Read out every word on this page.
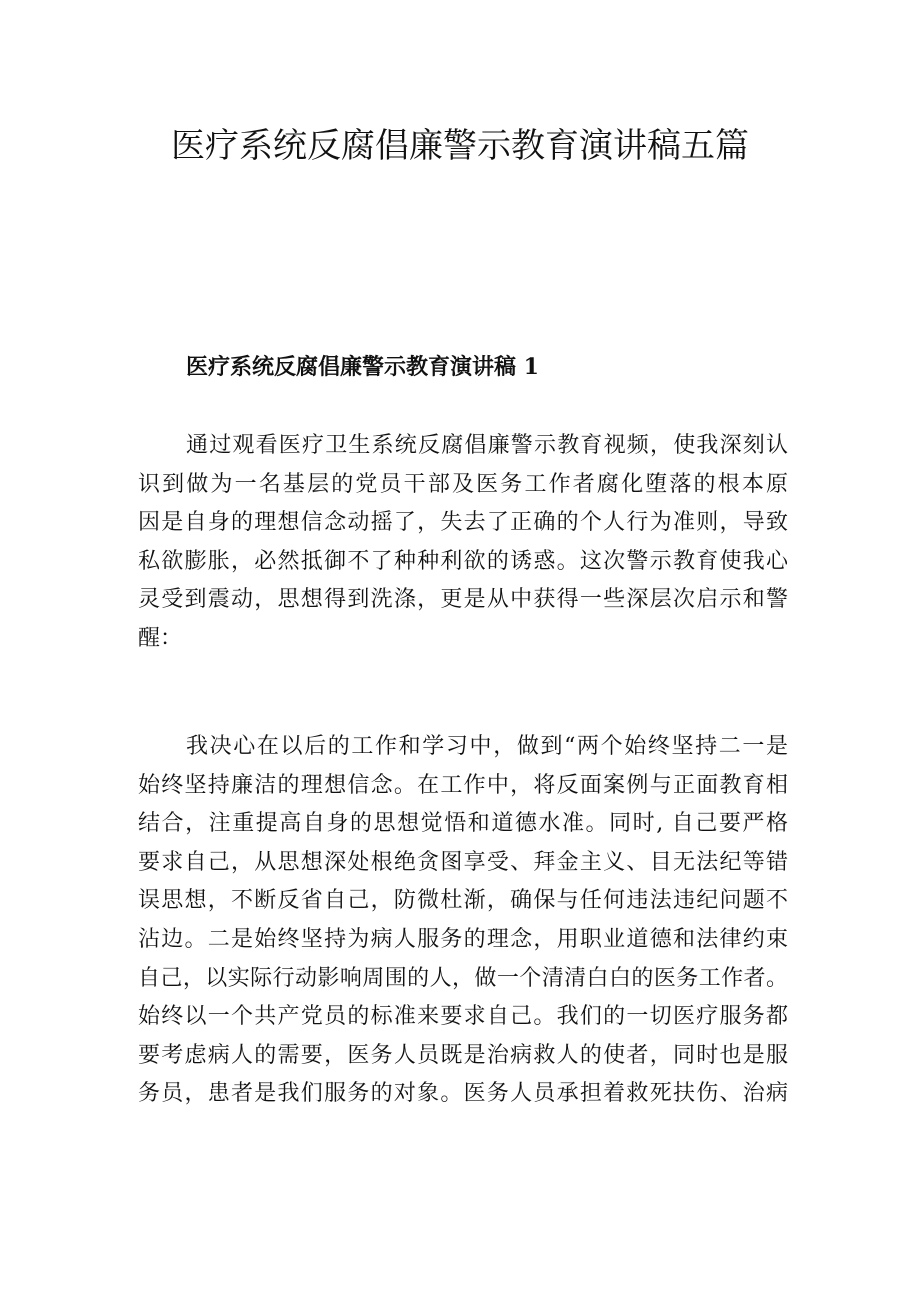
医疗系统反腐倡廉警示教育演讲稿五篇
医疗系统反腐倡廉警示教育演讲稿 1

通过观看医疗卫生系统反腐倡廉警示教育视频，使我深刻认
识到做为一名基层的党员干部及医务工作者腐化堕落的根本原
因是自身的理想信念动摇了，失去了正确的个人行为准则，导致
私欲膨胀，必然抵御不了种种利欲的诱惑。这次警示教育使我心
灵受到震动，思想得到洗涤，更是从中获得一些深层次启示和警
醒：

我决心在以后的工作和学习中，做到“两个始终坚持二一是
始终坚持廉洁的理想信念。在工作中，将反面案例与正面教育相
结合，注重提高自身的思想觉悟和道德水准。同时, 自己要严格
要求自己，从思想深处根绝贪图享受、拜金主义、目无法纪等错
误思想，不断反省自己，防微杜渐，确保与任何违法违纪问题不
沾边。二是始终坚持为病人服务的理念，用职业道德和法律约束
自己，以实际行动影响周围的人，做一个清清白白的医务工作者。
始终以一个共产党员的标准来要求自己。我们的一切医疗服务都
要考虑病人的需要，医务人员既是治病救人的使者，同时也是服
务员，患者是我们服务的对象。医务人员承担着救死扶伤、治病
